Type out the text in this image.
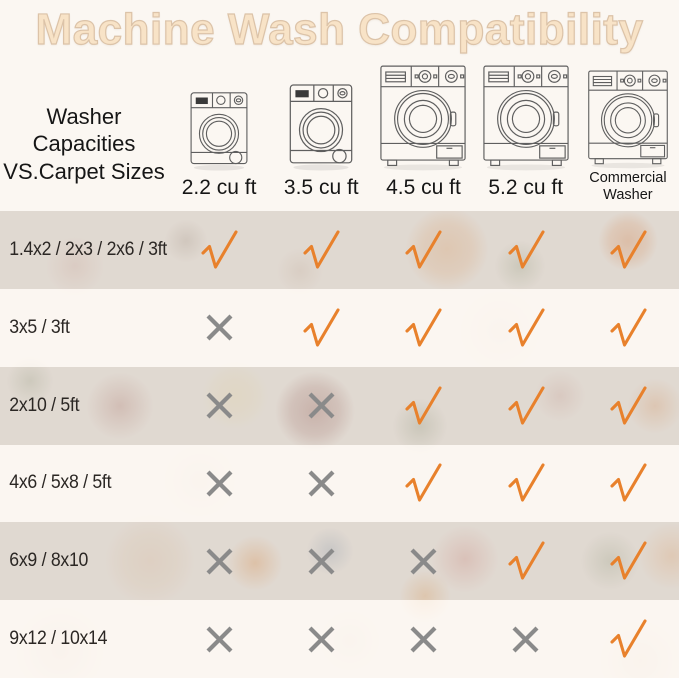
Machine Wash Compatibility
Washer Capacities
VS.Carpet Sizes
2.2 cu ft 3.5 cu ft 4.5 cu ft 5.2 cu ft Commercial
Washer
1.4x2 / 2x3 / 2x6 / 3ft
3x5 / 3ft
2x10 / 5ft
4x6 / 5x8 / 5ft
6x9 / 8x10
9x12 / 10x14
